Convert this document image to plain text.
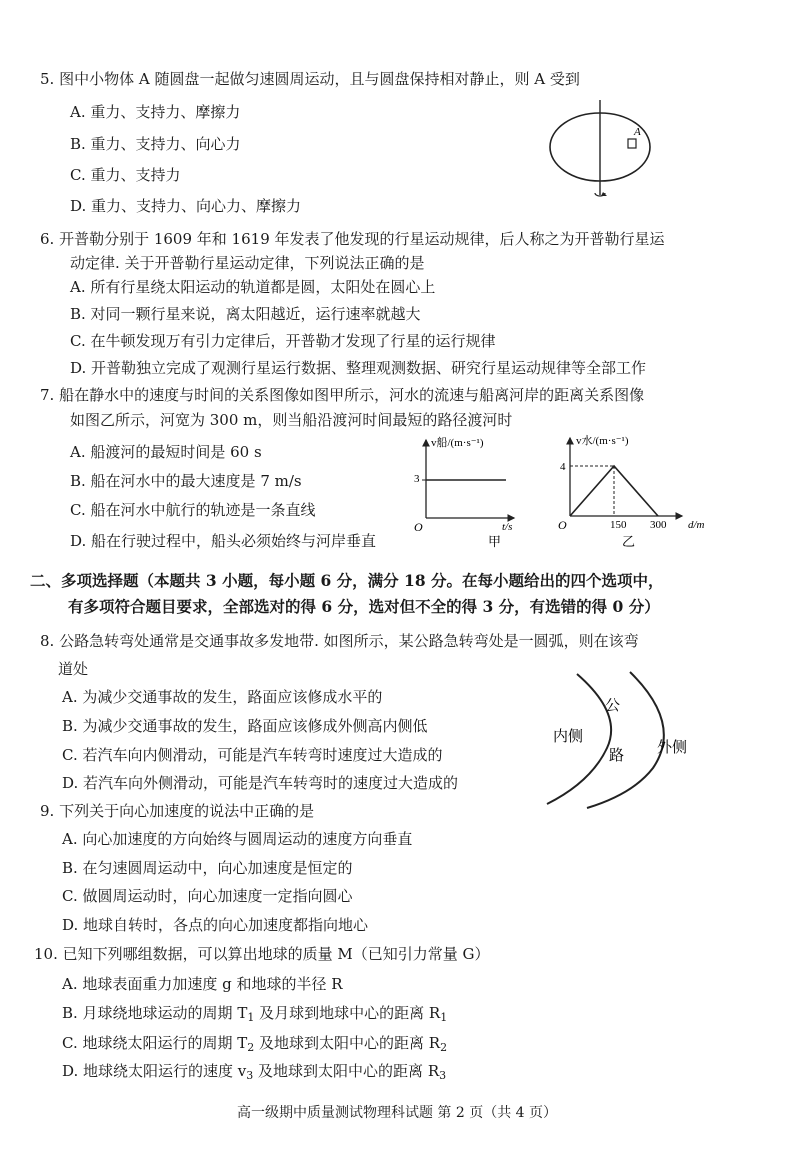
5. 图中小物体 A 随圆盘一起做匀速圆周运动，且与圆盘保持相对静止，则 A 受到
A. 重力、支持力、摩擦力
B. 重力、支持力、向心力
C. 重力、支持力
D. 重力、支持力、向心力、摩擦力
A
6. 开普勒分别于 1609 年和 1619 年发表了他发现的行星运动规律，后人称之为开普勒行星运
动定律. 关于开普勒行星运动定律，下列说法正确的是
A. 所有行星绕太阳运动的轨道都是圆，太阳处在圆心上
B. 对同一颗行星来说，离太阳越近，运行速率就越大
C. 在牛顿发现万有引力定律后，开普勒才发现了行星的运行规律
D. 开普勒独立完成了观测行星运行数据、整理观测数据、研究行星运动规律等全部工作
7. 船在静水中的速度与时间的关系图像如图甲所示，河水的流速与船离河岸的距离关系图像
如图乙所示，河宽为 300 m，则当船沿渡河时间最短的路径渡河时
A. 船渡河的最短时间是 60 s
B. 船在河水中的最大速度是 7 m/s
C. 船在河水中航行的轨迹是一条直线
D. 船在行驶过程中，船头必须始终与河岸垂直
v船/(m·s⁻¹)
t/s
O
3
甲
v水/(m·s⁻¹)
d/m
O
4
150 300
乙
二、多项选择题（本题共 3 小题，每小题 6 分，满分 18 分。在每小题给出的四个选项中，
有多项符合题目要求，全部选对的得 6 分，选对但不全的得 3 分，有选错的得 0 分）
8. 公路急转弯处通常是交通事故多发地带. 如图所示，某公路急转弯处是一圆弧，则在该弯
道处
A. 为减少交通事故的发生，路面应该修成水平的
B. 为减少交通事故的发生，路面应该修成外侧高内侧低
C. 若汽车向内侧滑动，可能是汽车转弯时速度过大造成的
D. 若汽车向外侧滑动，可能是汽车转弯时的速度过大造成的
内侧
公
路 外侧
9. 下列关于向心加速度的说法中正确的是
A. 向心加速度的方向始终与圆周运动的速度方向垂直
B. 在匀速圆周运动中，向心加速度是恒定的
C. 做圆周运动时，向心加速度一定指向圆心
D. 地球自转时，各点的向心加速度都指向地心
10. 已知下列哪组数据，可以算出地球的质量 M（已知引力常量 G）
A. 地球表面重力加速度 g 和地球的半径 R
B. 月球绕地球运动的周期 $T_1$ 及月球到地球中心的距离 $R_1$
C. 地球绕太阳运行的周期 $T_2$ 及地球到太阳中心的距离 $R_2$
D. 地球绕太阳运行的速度 $v_3$ 及地球到太阳中心的距离 $R_3$
高一级期中质量测试物理科试题 第 2 页（共 4 页）
